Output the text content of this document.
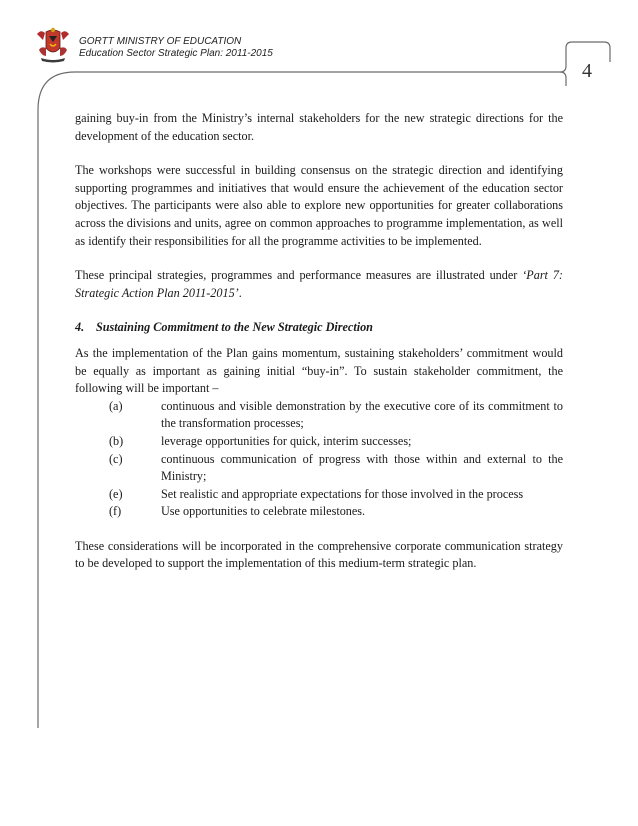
GORTT MINISTRY OF EDUCATION
Education Sector Strategic Plan: 2011-2015
4

gaining buy-in from the Ministry’s internal stakeholders for the new strategic directions for the development of the education sector.

The workshops were successful in building consensus on the strategic direction and identifying supporting programmes and initiatives that would ensure the achievement of the education sector objectives. The participants were also able to explore new opportunities for greater collaborations across the divisions and units, agree on common approaches to programme implementation, as well as identify their responsibilities for all the programme activities to be implemented.

These principal strategies, programmes and performance measures are illustrated under ‘Part 7: Strategic Action Plan 2011-2015’.

4. Sustaining Commitment to the New Strategic Direction

As the implementation of the Plan gains momentum, sustaining stakeholders’ commitment would be equally as important as gaining initial “buy-in”. To sustain stakeholder commitment, the following will be important –

(a)	continuous and visible demonstration by the executive core of its commitment to the transformation processes;
(b)	leverage opportunities for quick, interim successes;
(c)	continuous communication of progress with those within and external to the Ministry;
(e)	Set realistic and appropriate expectations for those involved in the process
(f)	Use opportunities to celebrate milestones.

These considerations will be incorporated in the comprehensive corporate communication strategy to be developed to support the implementation of this medium-term strategic plan.
